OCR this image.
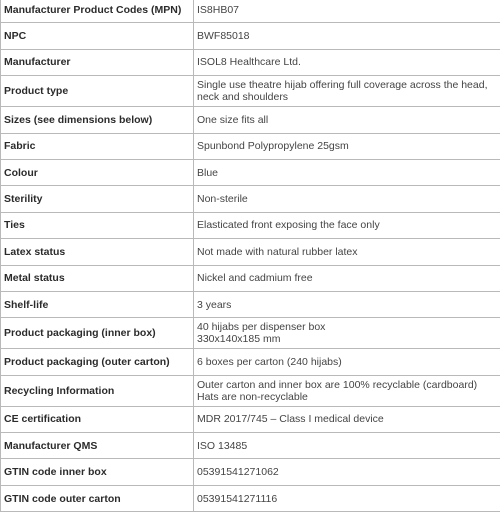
Manufacturer Product Codes (MPN)	IS8HB07

NPC	BWF85018

Manufacturer	ISOL8 Healthcare Ltd.

Product type	Single use theatre hijab offering full coverage across the head,
neck and shoulders

Sizes (see dimensions below)	One size fits all

Fabric	Spunbond Polypropylene 25gsm

Colour	Blue

Sterility	Non-sterile

Ties	Elasticated front exposing the face only

Latex status	Not made with natural rubber latex

Metal status	Nickel and cadmium free

Shelf-life	3 years

Product packaging (inner box)	40 hijabs per dispenser box
330x140x185 mm

Product packaging (outer carton)	6 boxes per carton (240 hijabs)

Recycling Information	Outer carton and inner box are 100% recyclable (cardboard)
Hats are non-recyclable

CE certification	MDR 2017/745 – Class I medical device

Manufacturer QMS	ISO 13485

GTIN code inner box	05391541271062

GTIN code outer carton	05391541271116
